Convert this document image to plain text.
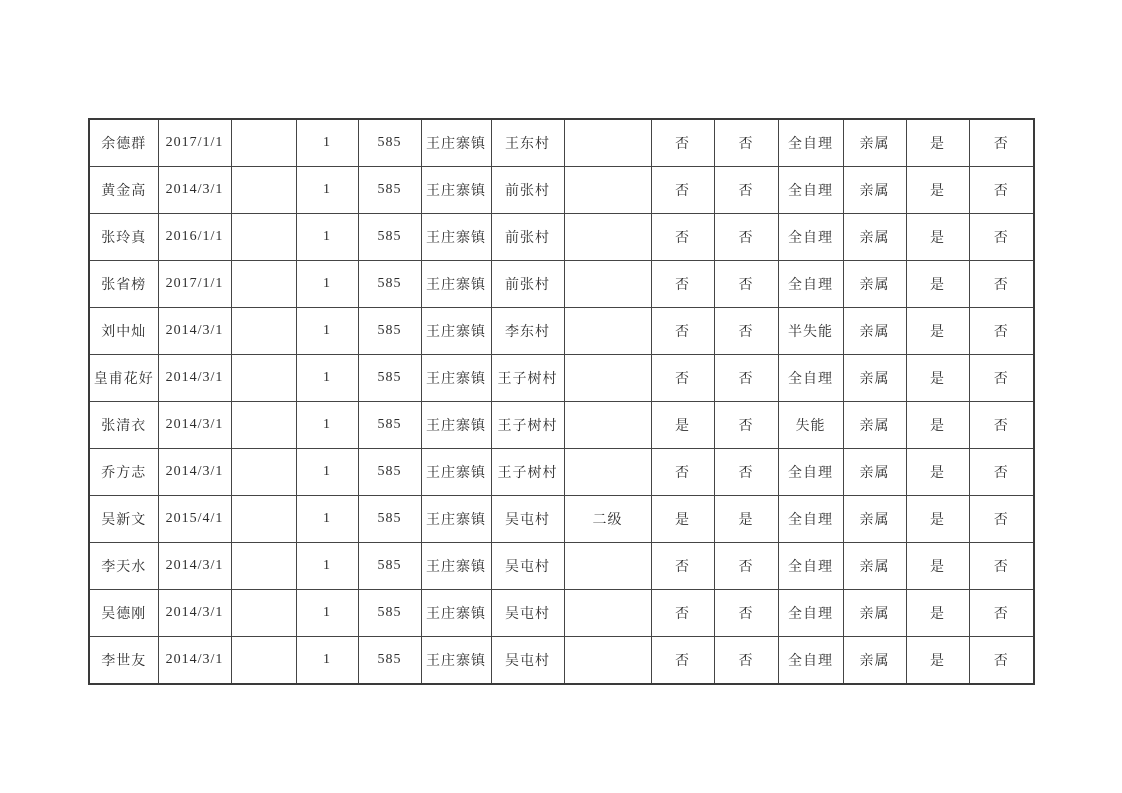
余德群	2017/1/1		1	585	王庄寨镇	王东村		否	否	全自理	亲属	是	否
黄金高	2014/3/1		1	585	王庄寨镇	前张村		否	否	全自理	亲属	是	否
张玲真	2016/1/1		1	585	王庄寨镇	前张村		否	否	全自理	亲属	是	否
张省榜	2017/1/1		1	585	王庄寨镇	前张村		否	否	全自理	亲属	是	否
刘中灿	2014/3/1		1	585	王庄寨镇	李东村		否	否	半失能	亲属	是	否
皇甫花好	2014/3/1		1	585	王庄寨镇	王子树村		否	否	全自理	亲属	是	否
张清衣	2014/3/1		1	585	王庄寨镇	王子树村		是	否	失能	亲属	是	否
乔方志	2014/3/1		1	585	王庄寨镇	王子树村		否	否	全自理	亲属	是	否
吴新文	2015/4/1		1	585	王庄寨镇	吴屯村	二级	是	是	全自理	亲属	是	否
李天水	2014/3/1		1	585	王庄寨镇	吴屯村		否	否	全自理	亲属	是	否
吴德刚	2014/3/1		1	585	王庄寨镇	吴屯村		否	否	全自理	亲属	是	否
李世友	2014/3/1		1	585	王庄寨镇	吴屯村		否	否	全自理	亲属	是	否
